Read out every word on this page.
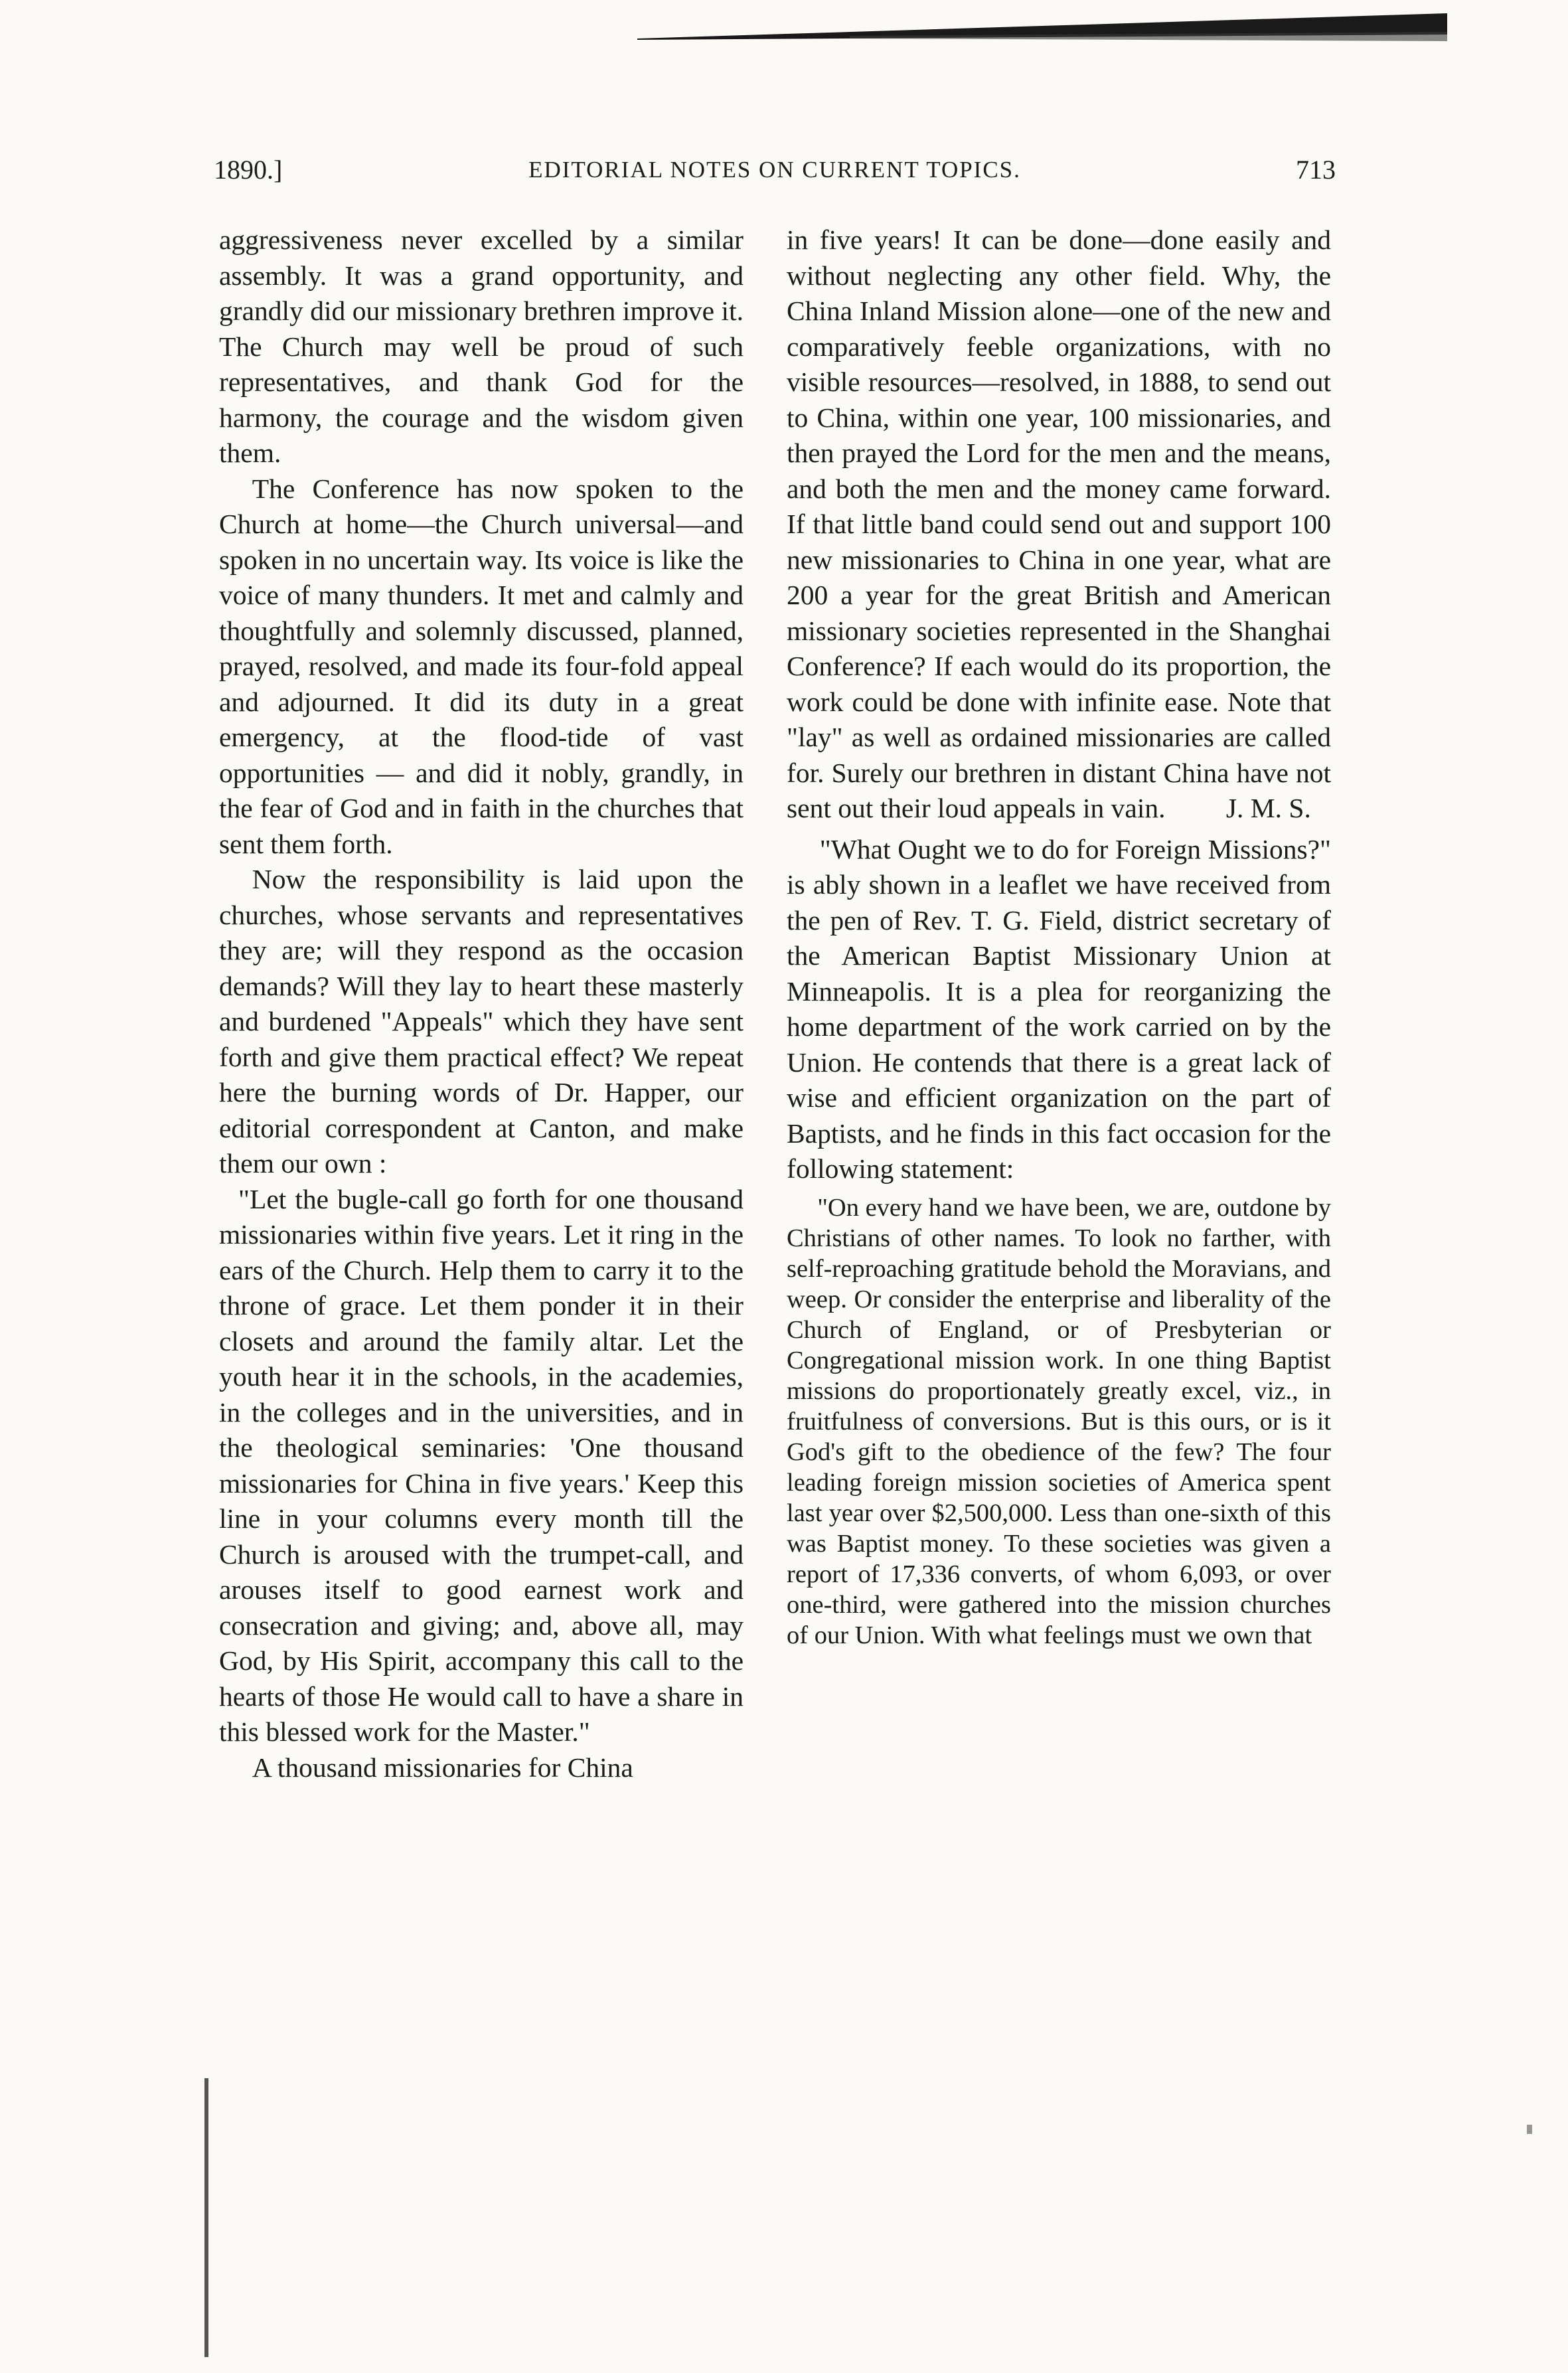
1890.]	EDITORIAL NOTES ON CURRENT TOPICS.	713

aggressiveness never excelled by a similar assembly. It was a grand opportunity, and grandly did our missionary brethren improve it. The Church may well be proud of such representatives, and thank God for the harmony, the courage and the wisdom given them.

The Conference has now spoken to the Church at home—the Church universal—and spoken in no uncertain way. Its voice is like the voice of many thunders. It met and calmly and thoughtfully and solemnly discussed, planned, prayed, resolved, and made its four-fold appeal and adjourned. It did its duty in a great emergency, at the flood-tide of vast opportunities — and did it nobly, grandly, in the fear of God and in faith in the churches that sent them forth.

Now the responsibility is laid upon the churches, whose servants and representatives they are; will they respond as the occasion demands? Will they lay to heart these masterly and burdened "Appeals" which they have sent forth and give them practical effect? We repeat here the burning words of Dr. Happer, our editorial correspondent at Canton, and make them our own :

"Let the bugle-call go forth for one thousand missionaries within five years. Let it ring in the ears of the Church. Help them to carry it to the throne of grace. Let them ponder it in their closets and around the family altar. Let the youth hear it in the schools, in the academies, in the colleges and in the universities, and in the theological seminaries: 'One thousand missionaries for China in five years.' Keep this line in your columns every month till the Church is aroused with the trumpet-call, and arouses itself to good earnest work and consecration and giving; and, above all, may God, by His Spirit, accompany this call to the hearts of those He would call to have a share in this blessed work for the Master."

A thousand missionaries for China

in five years! It can be done—done easily and without neglecting any other field. Why, the China Inland Mission alone—one of the new and comparatively feeble organizations, with no visible resources—resolved, in 1888, to send out to China, within one year, 100 missionaries, and then prayed the Lord for the men and the means, and both the men and the money came forward. If that little band could send out and support 100 new missionaries to China in one year, what are 200 a year for the great British and American missionary societies represented in the Shanghai Conference? If each would do its proportion, the work could be done with infinite ease. Note that "lay" as well as ordained missionaries are called for. Surely our brethren in distant China have not sent out their loud appeals in vain. J. M. S.

"What Ought we to do for Foreign Missions?" is ably shown in a leaflet we have received from the pen of Rev. T. G. Field, district secretary of the American Baptist Missionary Union at Minneapolis. It is a plea for reorganizing the home department of the work carried on by the Union. He contends that there is a great lack of wise and efficient organization on the part of Baptists, and he finds in this fact occasion for the following statement:

"On every hand we have been, we are, outdone by Christians of other names. To look no farther, with self-reproaching gratitude behold the Moravians, and weep. Or consider the enterprise and liberality of the Church of England, or of Presbyterian or Congregational mission work. In one thing Baptist missions do proportionately greatly excel, viz., in fruitfulness of conversions. But is this ours, or is it God's gift to the obedience of the few? The four leading foreign mission societies of America spent last year over $2,500,000. Less than one-sixth of this was Baptist money. To these societies was given a report of 17,336 converts, of whom 6,093, or over one-third, were gathered into the mission churches of our Union. With what feelings must we own that
